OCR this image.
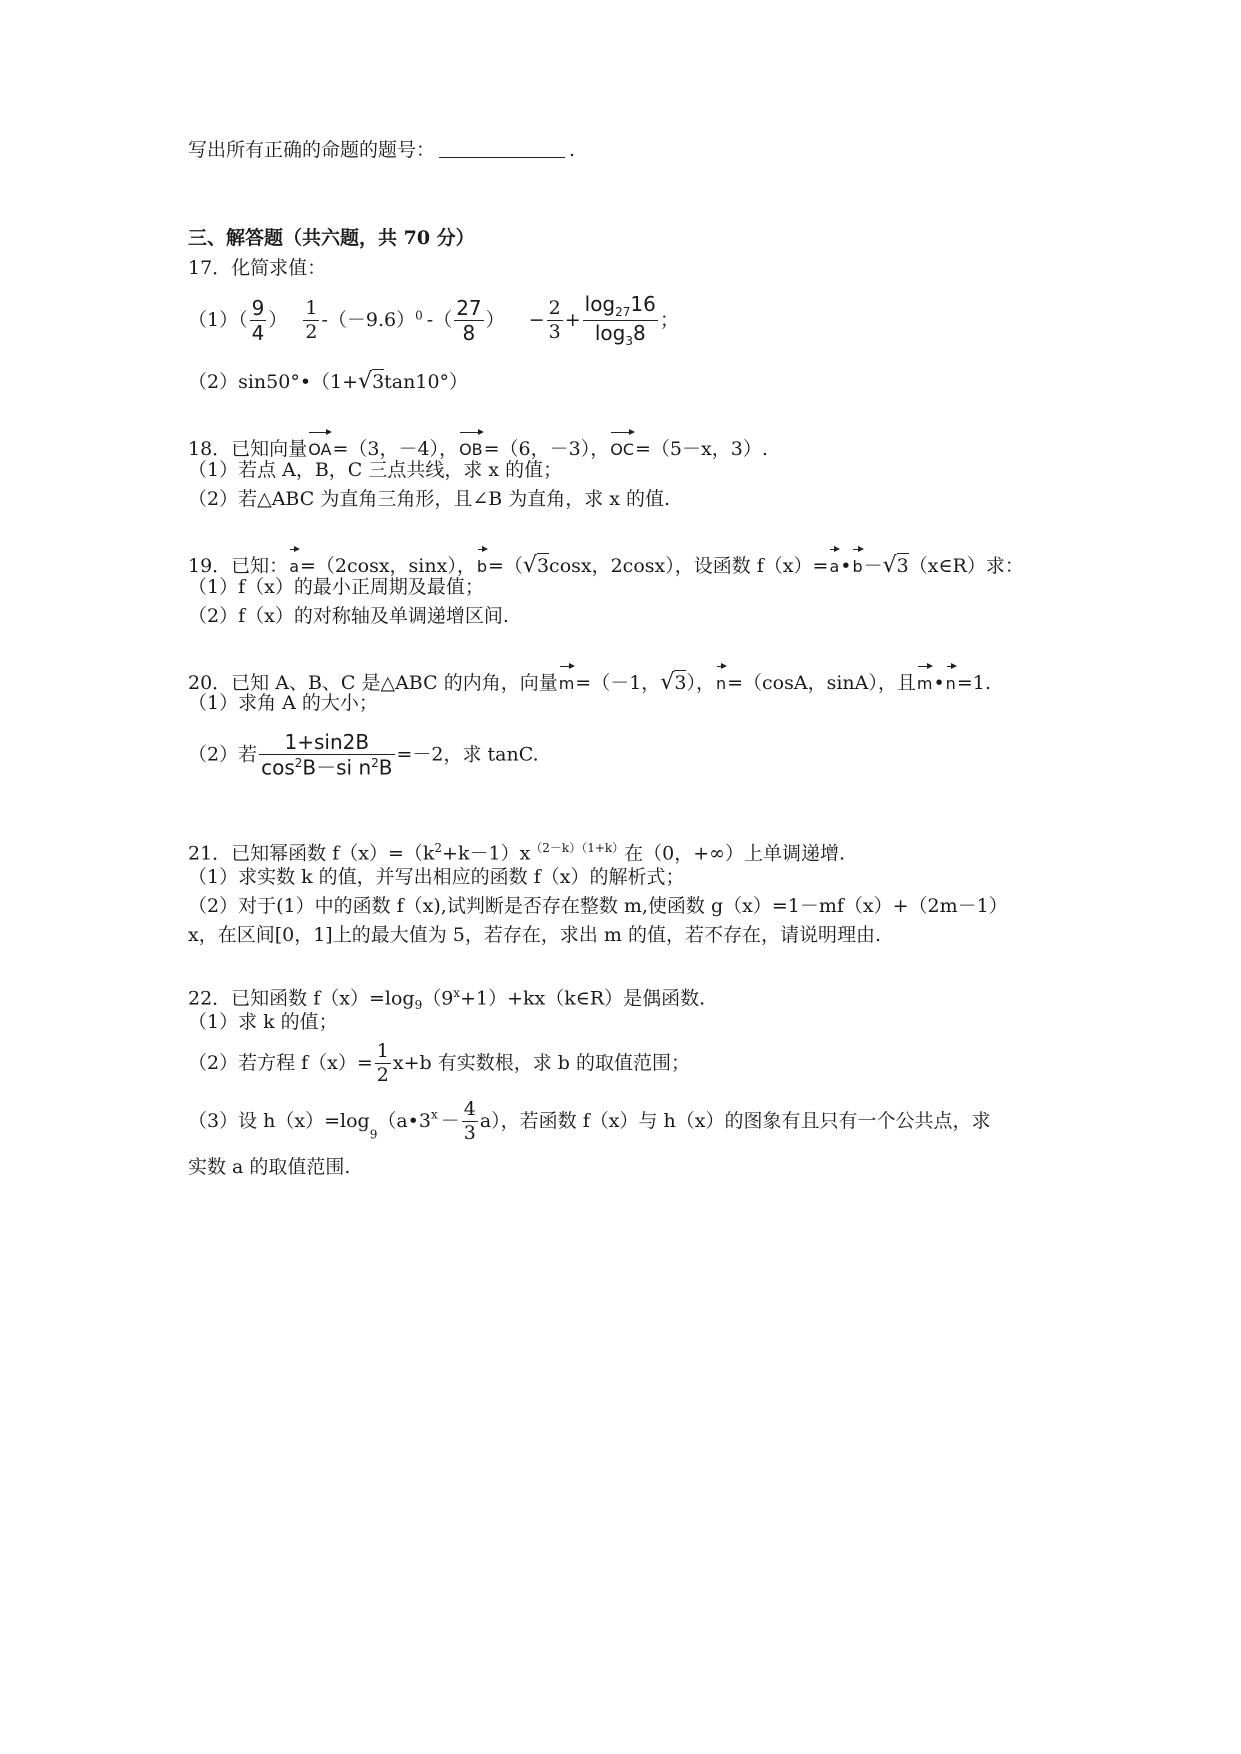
写出所有正确的命题的题号：	.
三、解答题（共六题，共 70 分）
17．化简求值：
$(1)( \frac{9}{4}$ ） $\frac{1}{2} -(-9.6)^0$ -（ $\frac{27}{8}$ ） − $\frac{2}{3} + \frac{\log_{27}16}{\log_38}$ ；
（2）sin50°•（1+√3tan10°）
18．已知向量OA=（3，－4），OB=（6，－3），OC=（5－x，3）.
（1）若点 A，B，C 三点共线，求 x 的值；
（2）若△ABC 为直角三角形，且∠B 为直角，求 x 的值.
19．已知：a=（2cosx，sinx），b=（√3cosx，2cosx），设函数 f（x）=a•b－√3（x∈R）求：
（1）f（x）的最小正周期及最值；
（2）f（x）的对称轴及单调递增区间.
20．已知 A、B、C 是△ABC 的内角，向量m=（－1，√3），n=（cosA，sinA），且m•n=1.
（1）求角 A 的大小；
（2）若 $\frac{1+\sin 2B}{\cos^2B-si n^2B} =-2$，求 tanC.
21．已知幂函数 $f(x)=(k^2+k-1)x^{(2-k)(1+k)}$在（0，+∞）上单调递增.
（1）求实数 k 的值，并写出相应的函数 f（x）的解析式；
（2）对于(1）中的函数 f（x),试判断是否存在整数 m,使函数 g（x）=1－mf（x）+（2m－1）
x，在区间[0，1]上的最大值为 5，若存在，求出 m 的值，若不存在，请说明理由.
22．已知函数 $f(x)=\log_9(9^x+1)+kx(k\in R)$是偶函数.
（1）求 k 的值；
（2）若方程 $f(x)= \frac{1}{2} x+b$ 有实数根，求 b 的取值范围；
（3）设 $h(x)=\log_9(a•3^x - \frac{4}{3} a)$，若函数 f（x）与 h（x）的图象有且只有一个公共点，求
实数 a 的取值范围.
